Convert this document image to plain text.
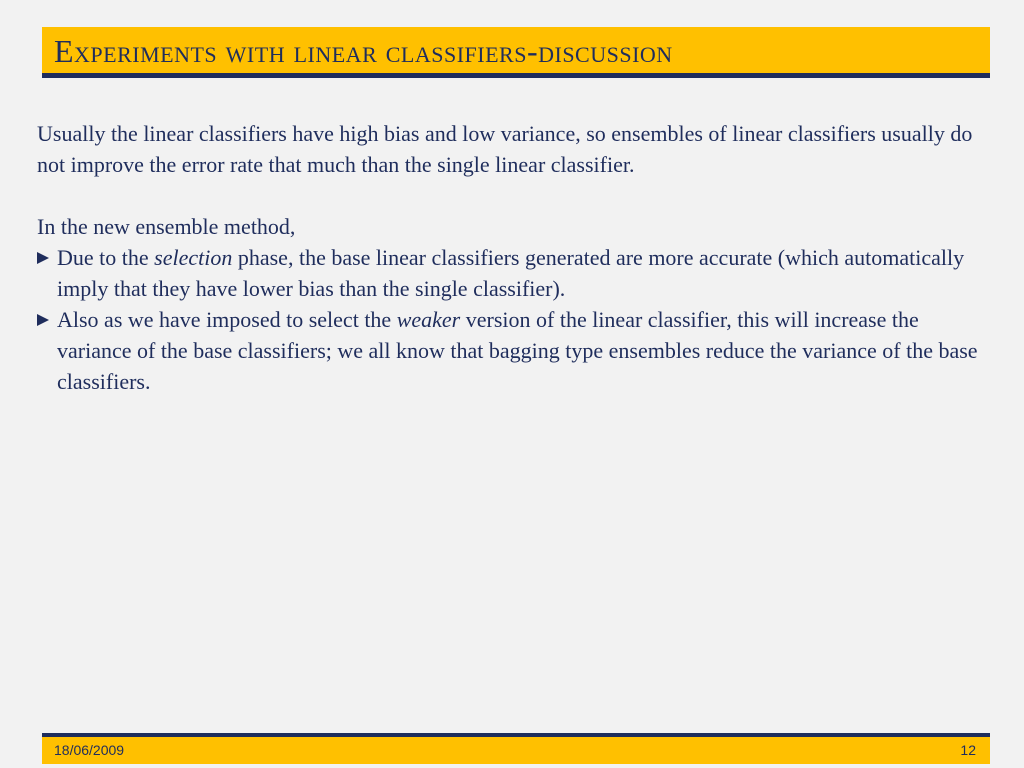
Experiments with linear classifiers-discussion

Usually the linear classifiers have high bias and low variance, so ensembles of linear classifiers usually do not improve the error rate that much than the single linear classifier.

In the new ensemble method,

Due to the selection phase, the base linear classifiers generated are more accurate (which automatically imply that they have lower bias than the single classifier).

Also as we have imposed to select the weaker version of the linear classifier, this will increase the variance of the base classifiers; we all know that bagging type ensembles reduce the variance of the base classifiers.

18/06/2009	12
